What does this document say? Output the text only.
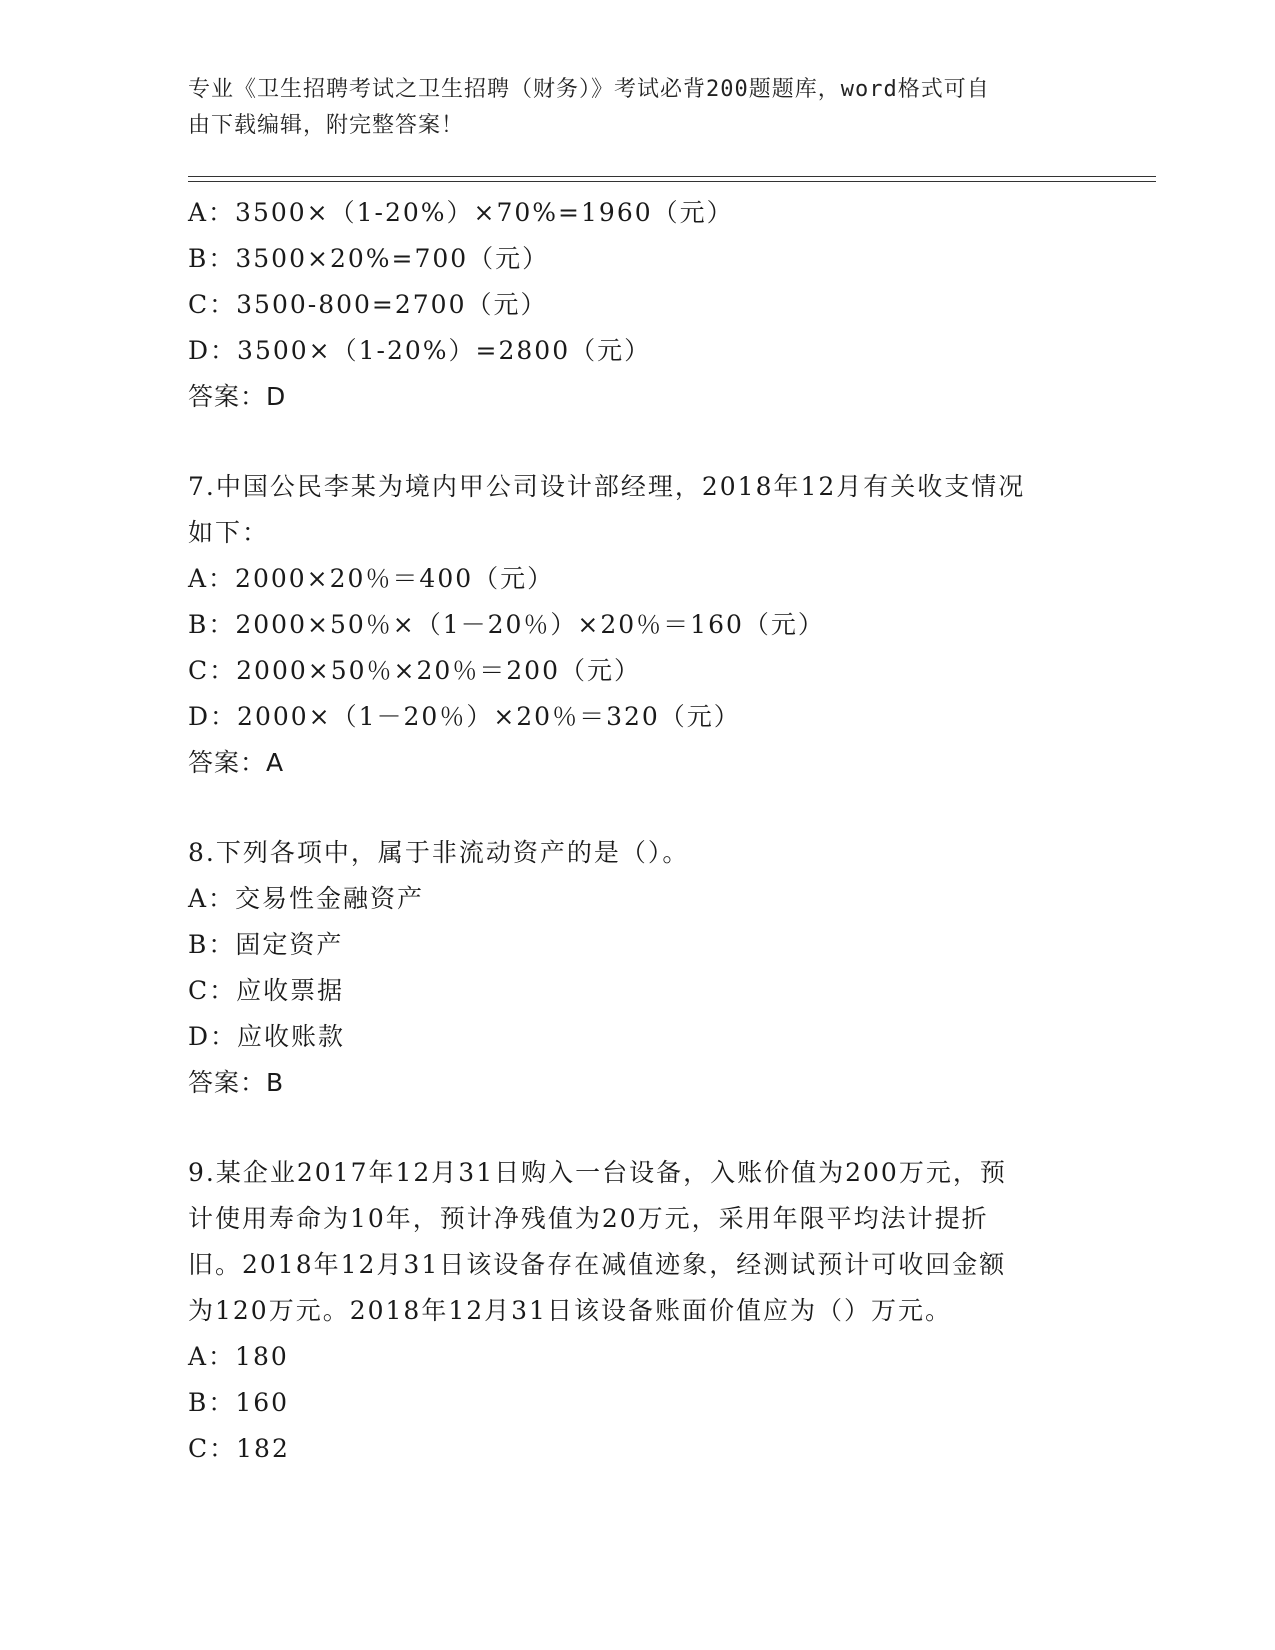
专业《卫生招聘考试之卫生招聘（财务）》考试必背200题题库，word格式可自
由下载编辑，附完整答案！
A：3500×（1-20%）×70%=1960（元）
B：3500×20%=700（元）
C：3500-800=2700（元）
D：3500×（1-20%）=2800（元）
答案：D
7.中国公民李某为境内甲公司设计部经理，2018年12月有关收支情况
如下：
A：2000×20％＝400（元）
B：2000×50％×（1－20％）×20％＝160（元）
C：2000×50％×20％＝200（元）
D：2000×（1－20％）×20％＝320（元）
答案：A
8.下列各项中，属于非流动资产的是（）。
A：交易性金融资产
B：固定资产
C：应收票据
D：应收账款
答案：B
9.某企业2017年12月31日购入一台设备，入账价值为200万元，预
计使用寿命为10年，预计净残值为20万元，采用年限平均法计提折
旧。2018年12月31日该设备存在减值迹象，经测试预计可收回金额
为120万元。2018年12月31日该设备账面价值应为（）万元。
A：180
B：160
C：182
